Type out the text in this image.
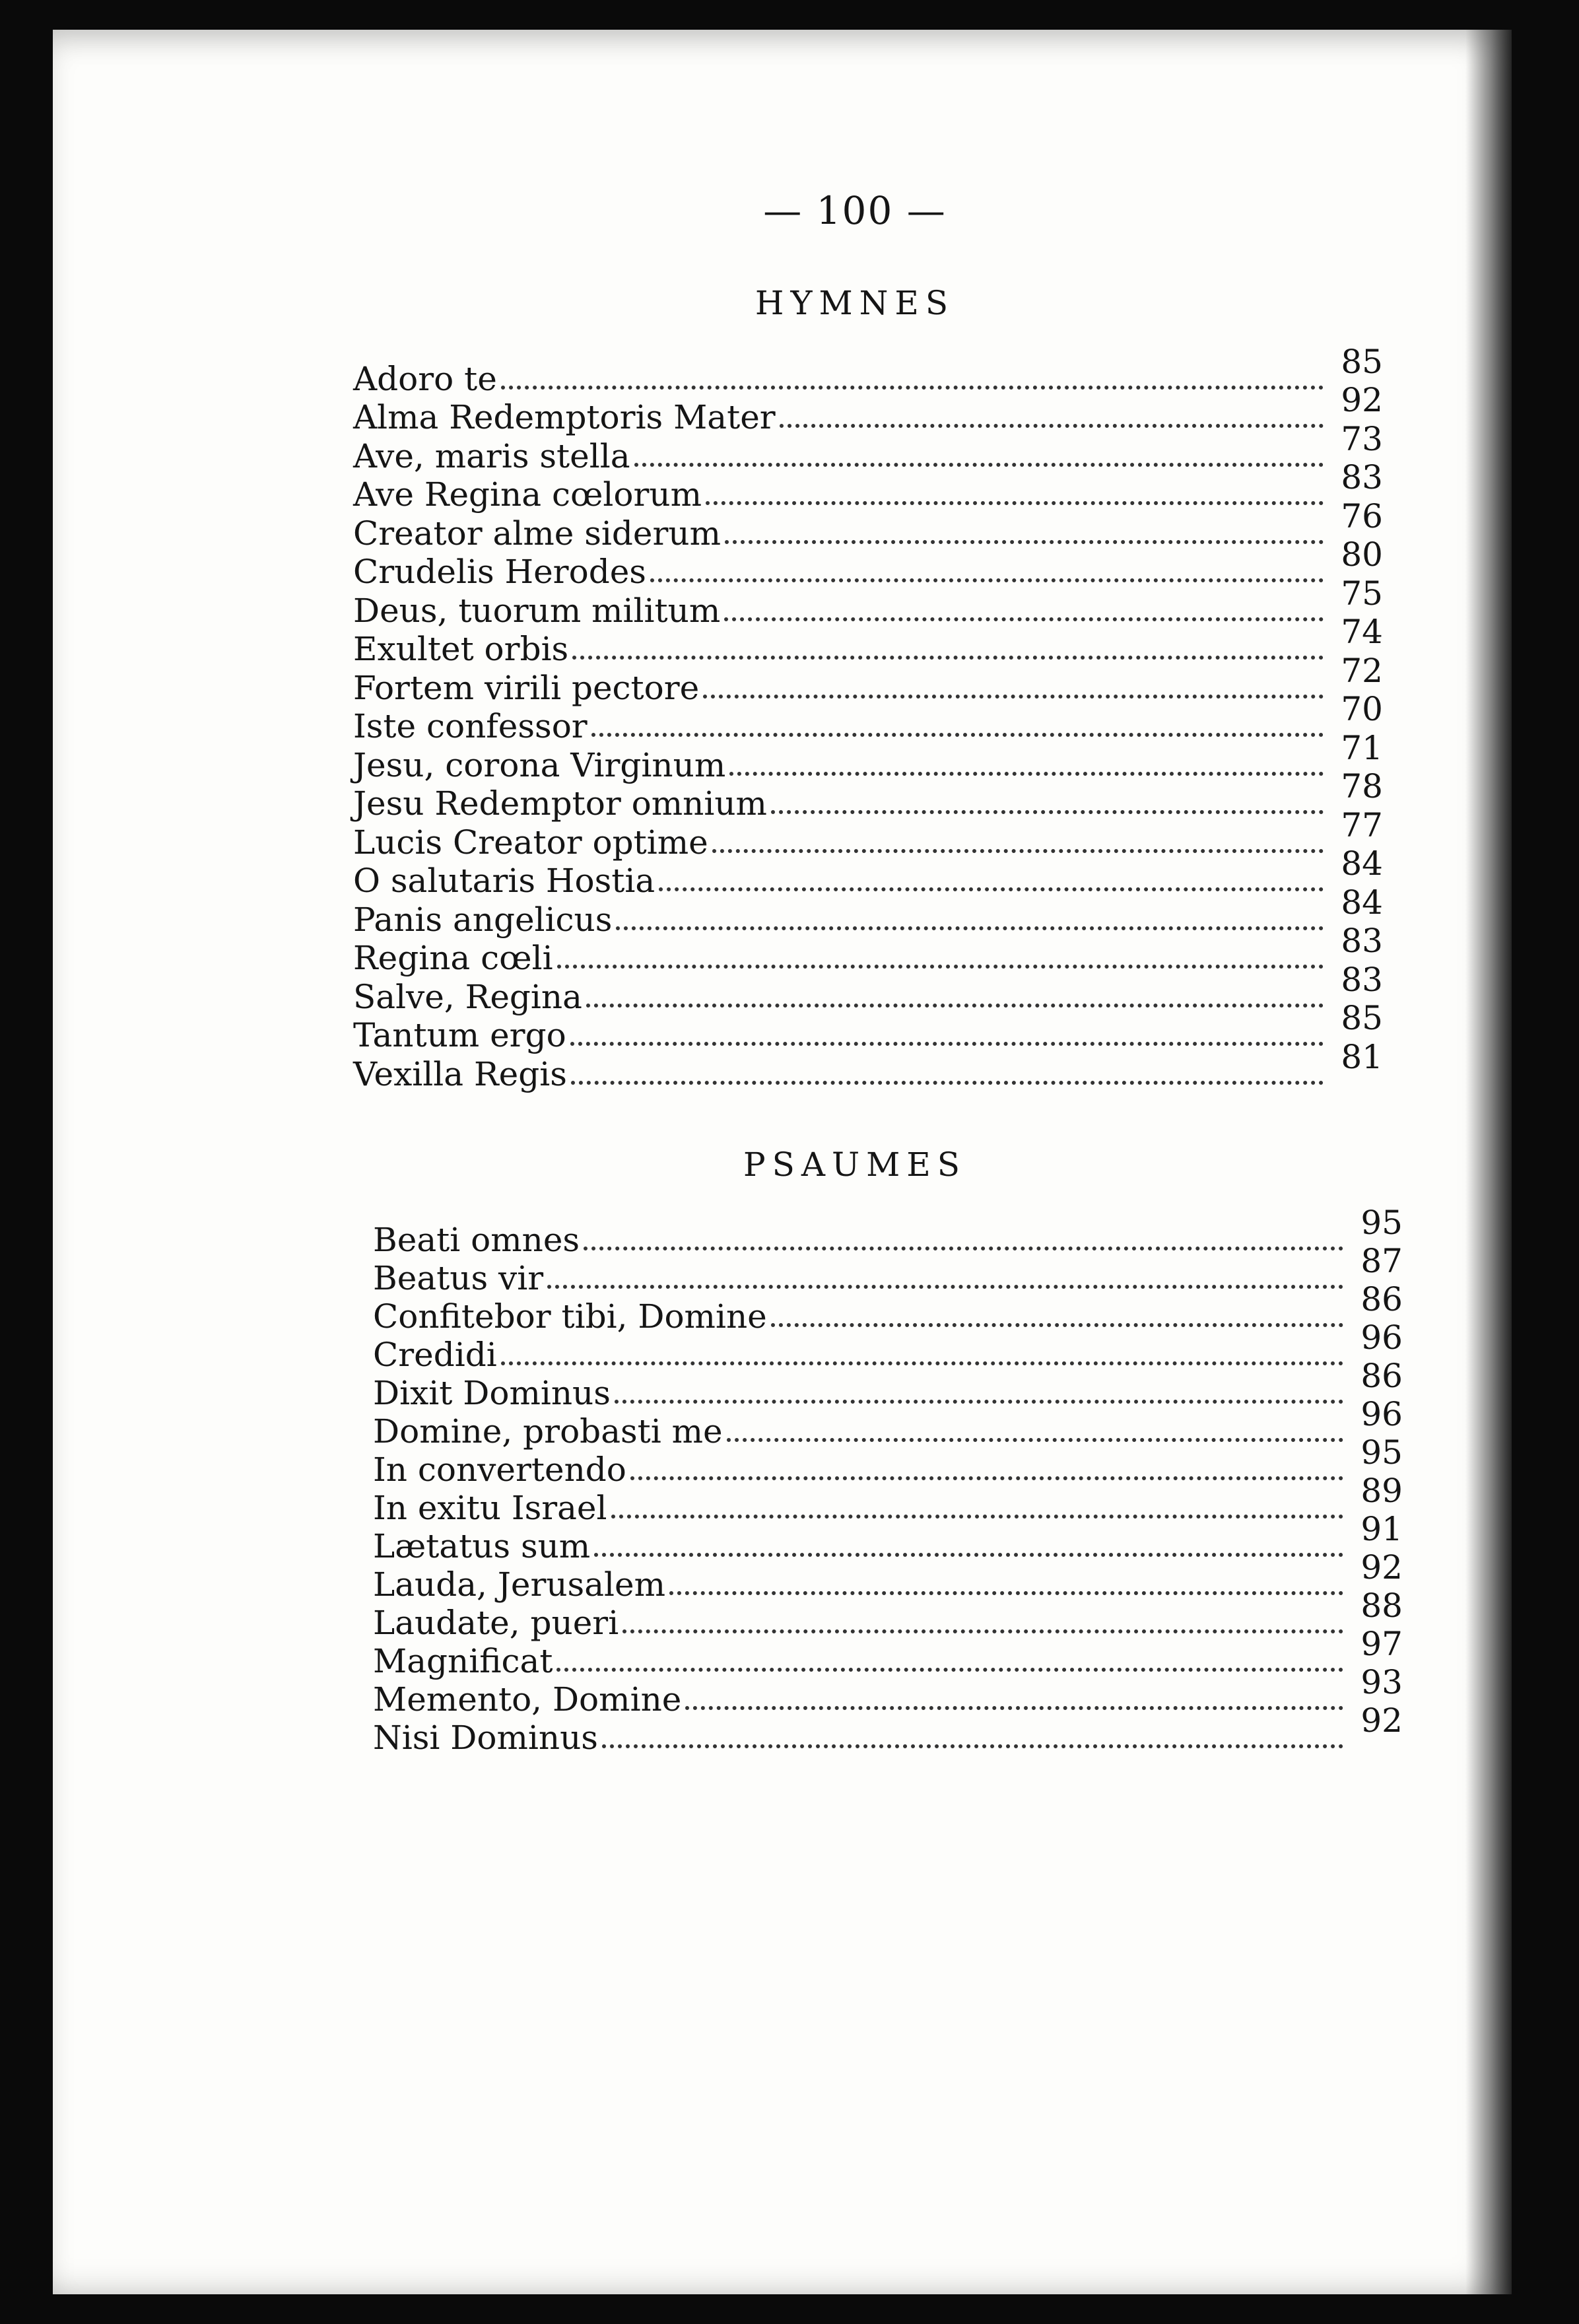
— 100 —
HYMNES
Adoro te	85
Alma Redemptoris Mater	92
Ave, maris stella	73
Ave Regina cœlorum	83
Creator alme siderum	76
Crudelis Herodes	80
Deus, tuorum militum	75
Exultet orbis	74
Fortem virili pectore	72
Iste confessor	70
Jesu, corona Virginum	71
Jesu Redemptor omnium	78
Lucis Creator optime	77
O salutaris Hostia	84
Panis angelicus	84
Regina cœli	83
Salve, Regina	83
Tantum ergo	85
Vexilla Regis	81
PSAUMES
Beati omnes	95
Beatus vir	87
Confitebor tibi, Domine	86
Credidi	96
Dixit Dominus	86
Domine, probasti me	96
In convertendo	95
In exitu Israel	89
Lætatus sum	91
Lauda, Jerusalem	92
Laudate, pueri	88
Magnificat	97
Memento, Domine	93
Nisi Dominus	92
